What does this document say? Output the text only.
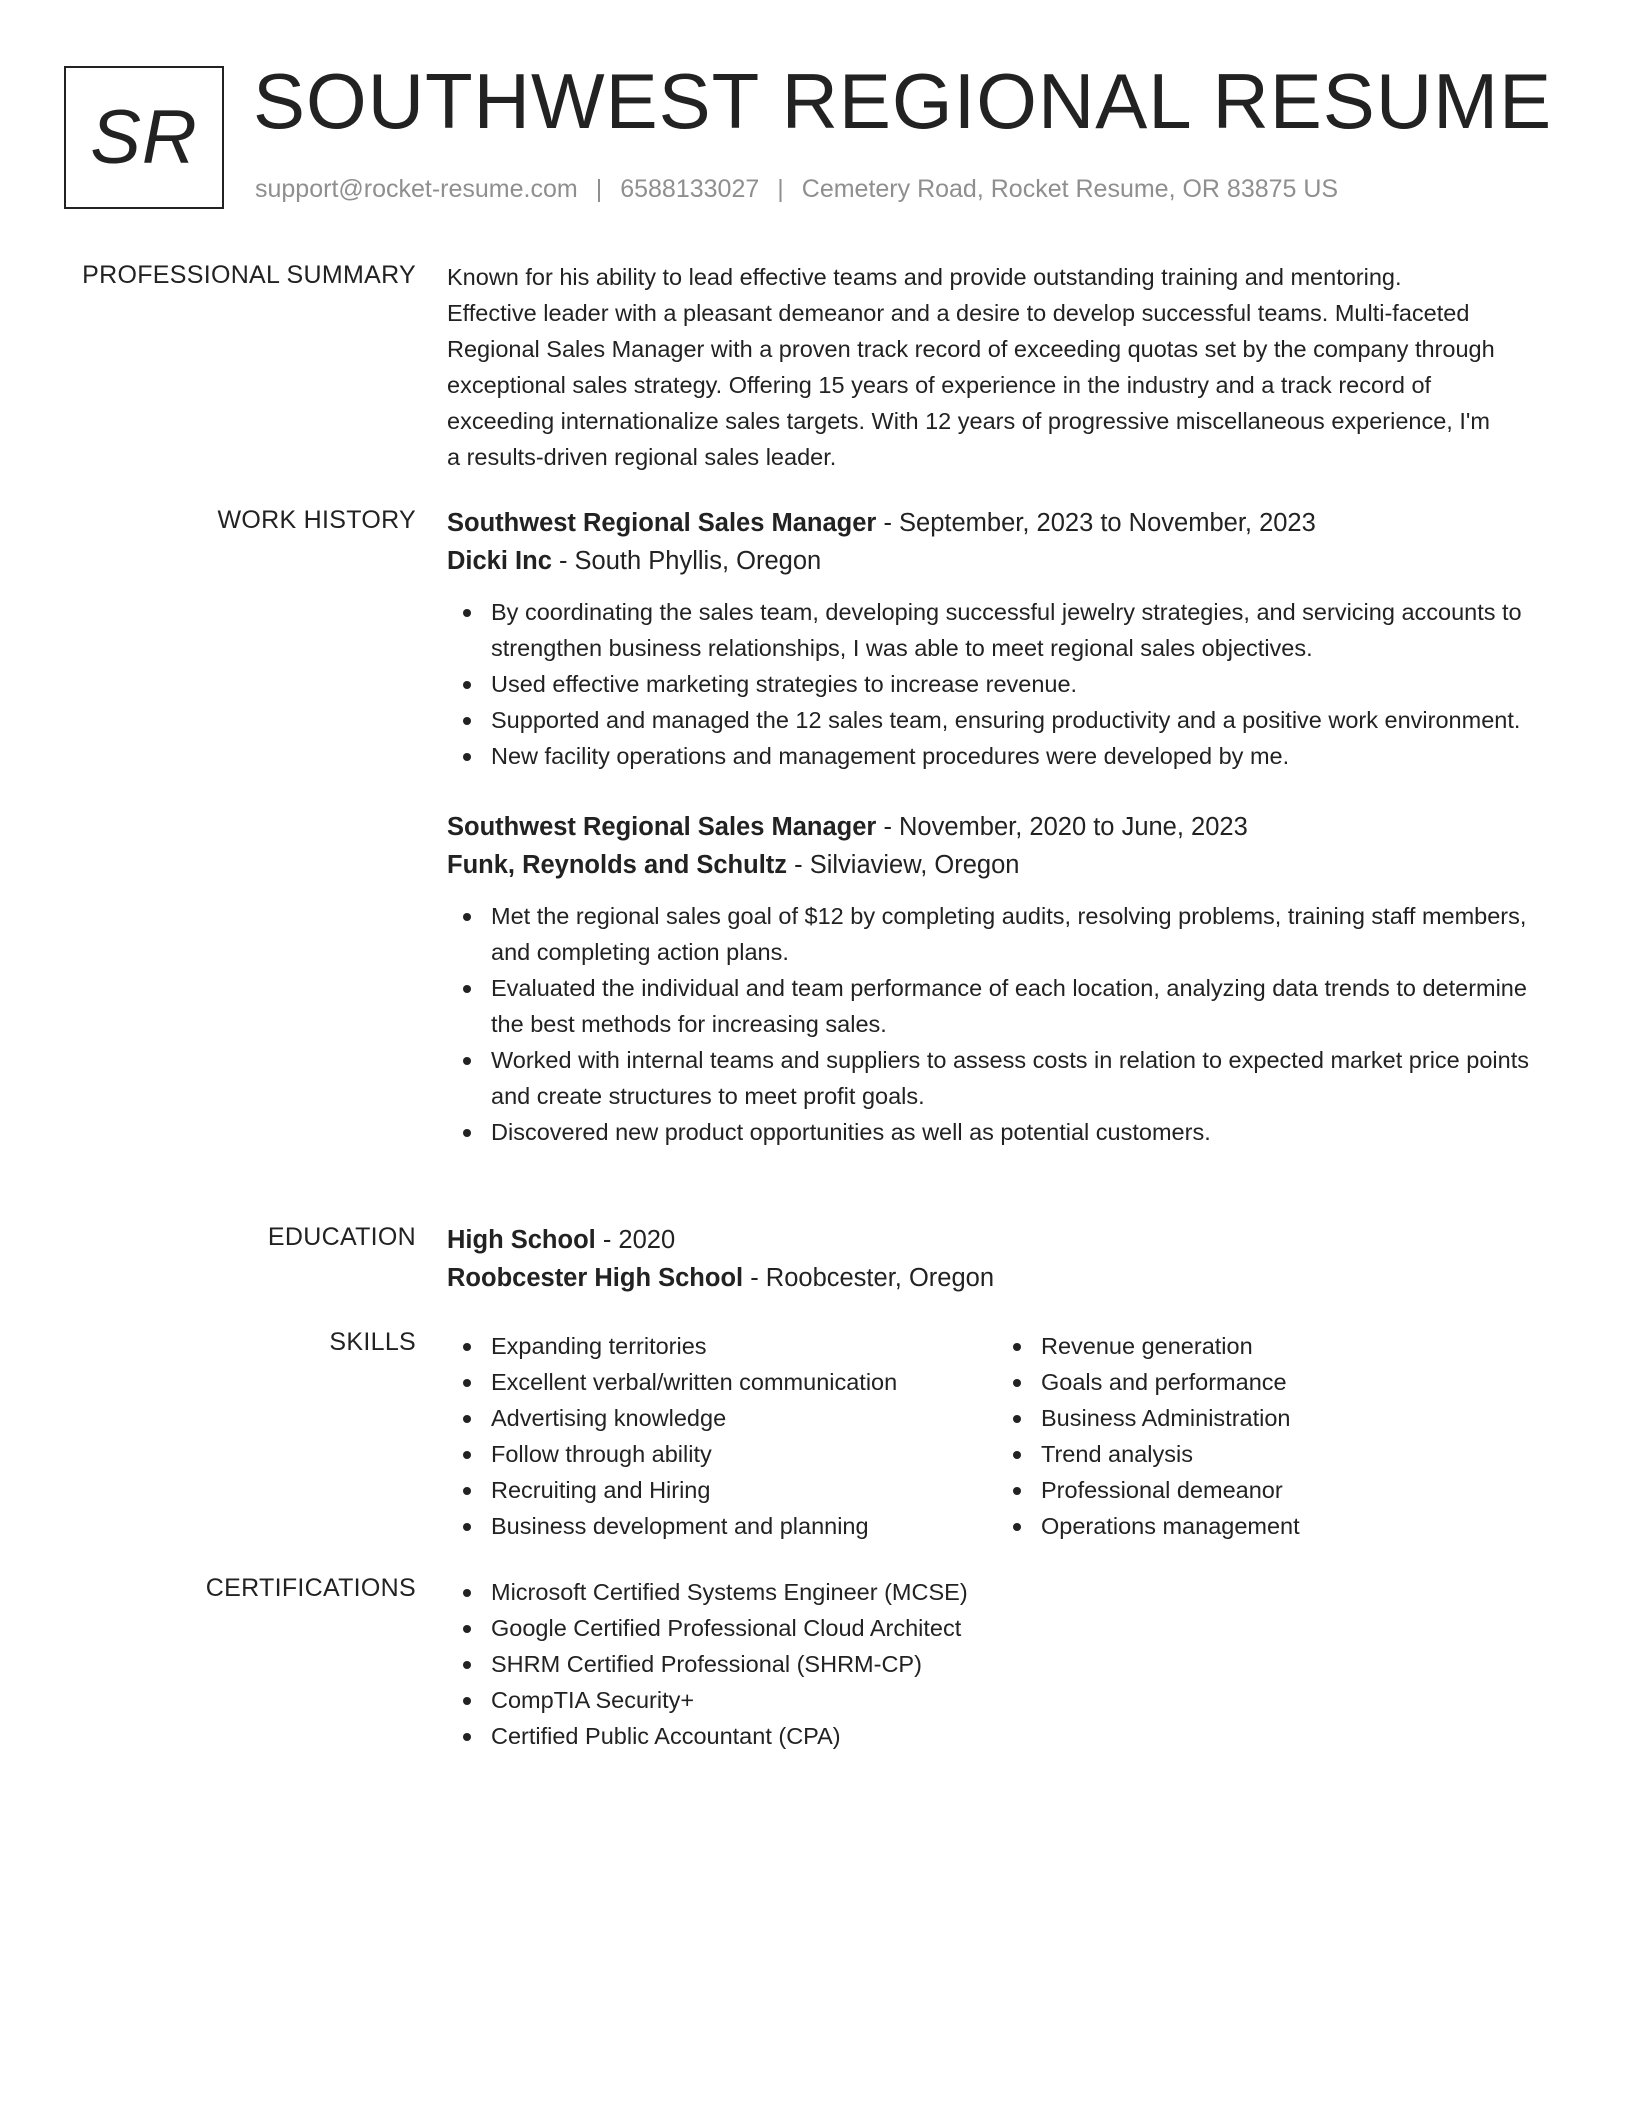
SR SOUTHWEST REGIONAL RESUME
support@rocket-resume.com | 6588133027 | Cemetery Road, Rocket Resume, OR 83875 US
PROFESSIONAL SUMMARY Known for his ability to lead effective teams and provide outstanding training and mentoring.
Effective leader with a pleasant demeanor and a desire to develop successful teams. Multi-faceted
Regional Sales Manager with a proven track record of exceeding quotas set by the company through
exceptional sales strategy. Offering 15 years of experience in the industry and a track record of
exceeding internationalize sales targets. With 12 years of progressive miscellaneous experience, I'm
a results-driven regional sales leader.
WORK HISTORY Southwest Regional Sales Manager - September, 2023 to November, 2023
Dicki Inc - South Phyllis, Oregon
By coordinating the sales team, developing successful jewelry strategies, and servicing accounts to strengthen business relationships, I was able to meet regional sales objectives.
Used effective marketing strategies to increase revenue.
Supported and managed the 12 sales team, ensuring productivity and a positive work environment.
New facility operations and management procedures were developed by me.
Southwest Regional Sales Manager - November, 2020 to June, 2023
Funk, Reynolds and Schultz - Silviaview, Oregon
Met the regional sales goal of $12 by completing audits, resolving problems, training staff members, and completing action plans.
Evaluated the individual and team performance of each location, analyzing data trends to determine the best methods for increasing sales.
Worked with internal teams and suppliers to assess costs in relation to expected market price points and create structures to meet profit goals.
Discovered new product opportunities as well as potential customers.
EDUCATION High School - 2020
Roobcester High School - Roobcester, Oregon
SKILLS	Expanding territories
Excellent verbal/written communication
Advertising knowledge
Follow through ability
Recruiting and Hiring
Business development and planning
Revenue generation
Goals and performance
Business Administration
Trend analysis
Professional demeanor
Operations management
CERTIFICATIONS	Microsoft Certified Systems Engineer (MCSE)
Google Certified Professional Cloud Architect
SHRM Certified Professional (SHRM-CP)
CompTIA Security+
Certified Public Accountant (CPA)
